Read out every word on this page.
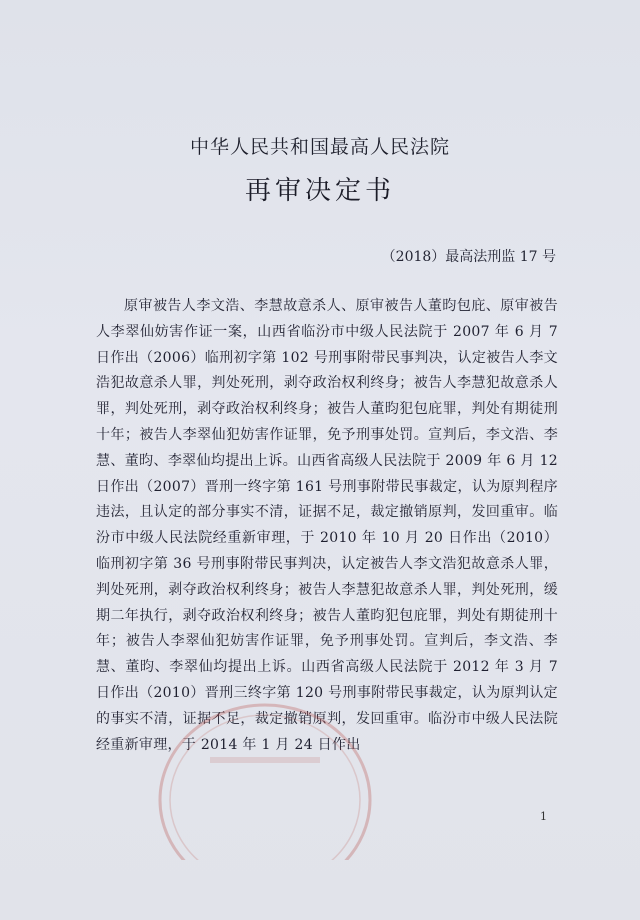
中华人民共和国最高人民法院
再审决定书
（2018）最高法刑监 17 号

原审被告人李文浩、李慧故意杀人、原审被告人董昀包庇、原审被告人李翠仙妨害作证一案，山西省临汾市中级人民法院于 2007 年 6 月 7 日作出（2006）临刑初字第 102 号刑事附带民事判决，认定被告人李文浩犯故意杀人罪，判处死刑，剥夺政治权利终身；被告人李慧犯故意杀人罪，判处死刑，剥夺政治权利终身；被告人董昀犯包庇罪，判处有期徒刑十年；被告人李翠仙犯妨害作证罪，免予刑事处罚。宣判后，李文浩、李慧、董昀、李翠仙均提出上诉。山西省高级人民法院于 2009 年 6 月 12 日作出（2007）晋刑一终字第 161 号刑事附带民事裁定，认为原判程序违法，且认定的部分事实不清，证据不足，裁定撤销原判，发回重审。临汾市中级人民法院经重新审理，于 2010 年 10 月 20 日作出（2010）临刑初字第 36 号刑事附带民事判决，认定被告人李文浩犯故意杀人罪，判处死刑，剥夺政治权利终身；被告人李慧犯故意杀人罪，判处死刑，缓期二年执行，剥夺政治权利终身；被告人董昀犯包庇罪，判处有期徒刑十年；被告人李翠仙犯妨害作证罪，免予刑事处罚。宣判后，李文浩、李慧、董昀、李翠仙均提出上诉。山西省高级人民法院于 2012 年 3 月 7 日作出（2010）晋刑三终字第 120 号刑事附带民事裁定，认为原判认定的事实不清，证据不足，裁定撤销原判，发回重审。临汾市中级人民法院经重新审理，于 2014 年 1 月 24 日作出

1
